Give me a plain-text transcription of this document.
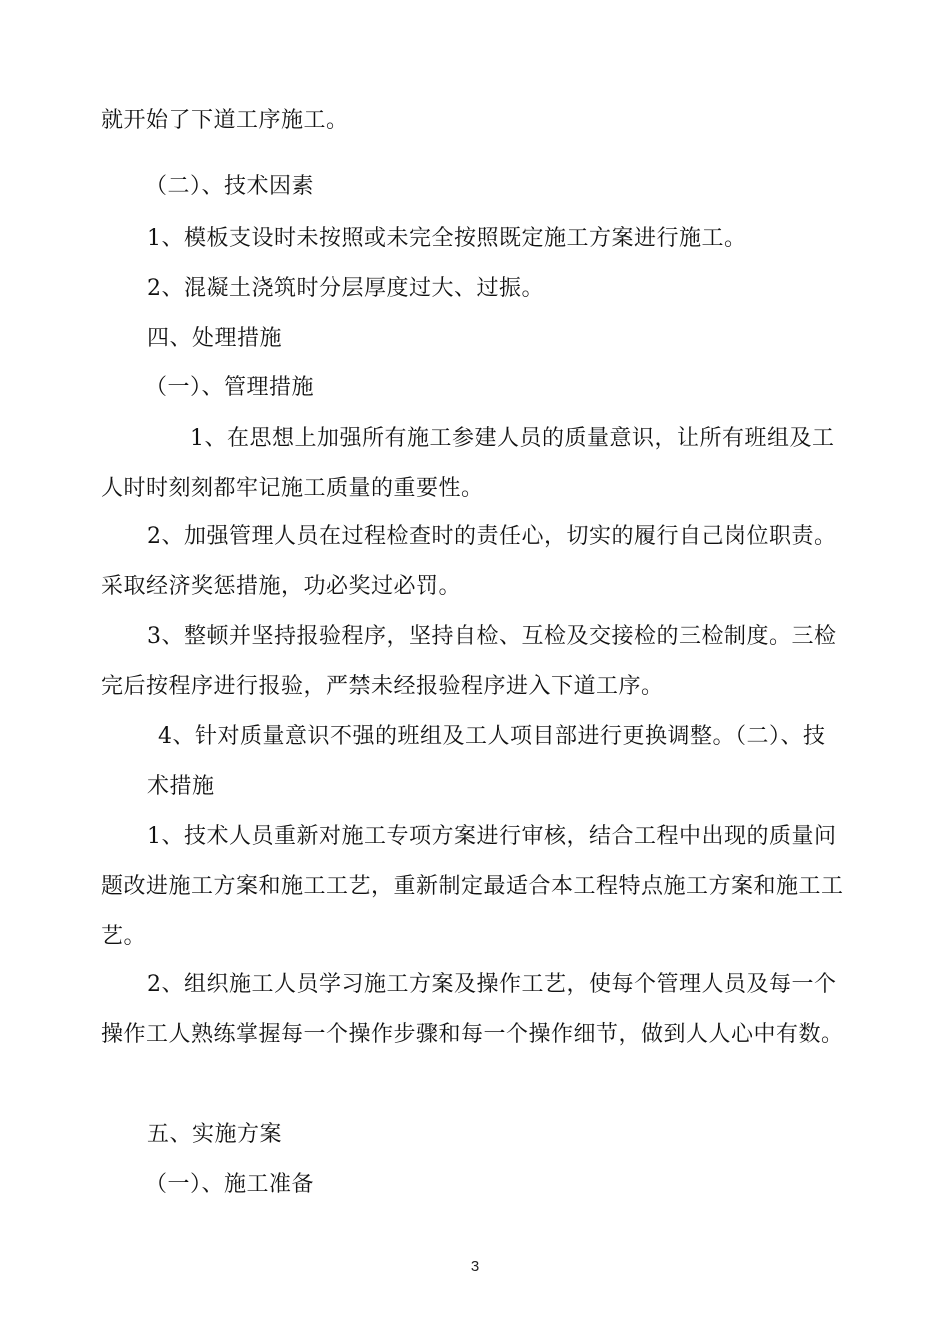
就开始了下道工序施工。
（二）、技术因素
1、模板支设时未按照或未完全按照既定施工方案进行施工。
2、混凝土浇筑时分层厚度过大、过振。
四、处理措施
（一）、管理措施
1、在思想上加强所有施工参建人员的质量意识，让所有班组及工
人时时刻刻都牢记施工质量的重要性。
2、加强管理人员在过程检查时的责任心，切实的履行自己岗位职责。
采取经济奖惩措施，功必奖过必罚。
3、整顿并坚持报验程序，坚持自检、互检及交接检的三检制度。三检
完后按程序进行报验，严禁未经报验程序进入下道工序。
4、针对质量意识不强的班组及工人项目部进行更换调整。（二）、技
术措施
1、技术人员重新对施工专项方案进行审核，结合工程中出现的质量问
题改进施工方案和施工工艺，重新制定最适合本工程特点施工方案和施工工
艺。
2、组织施工人员学习施工方案及操作工艺，使每个管理人员及每一个
操作工人熟练掌握每一个操作步骤和每一个操作细节，做到人人心中有数。
五、实施方案
（一）、施工准备
3
